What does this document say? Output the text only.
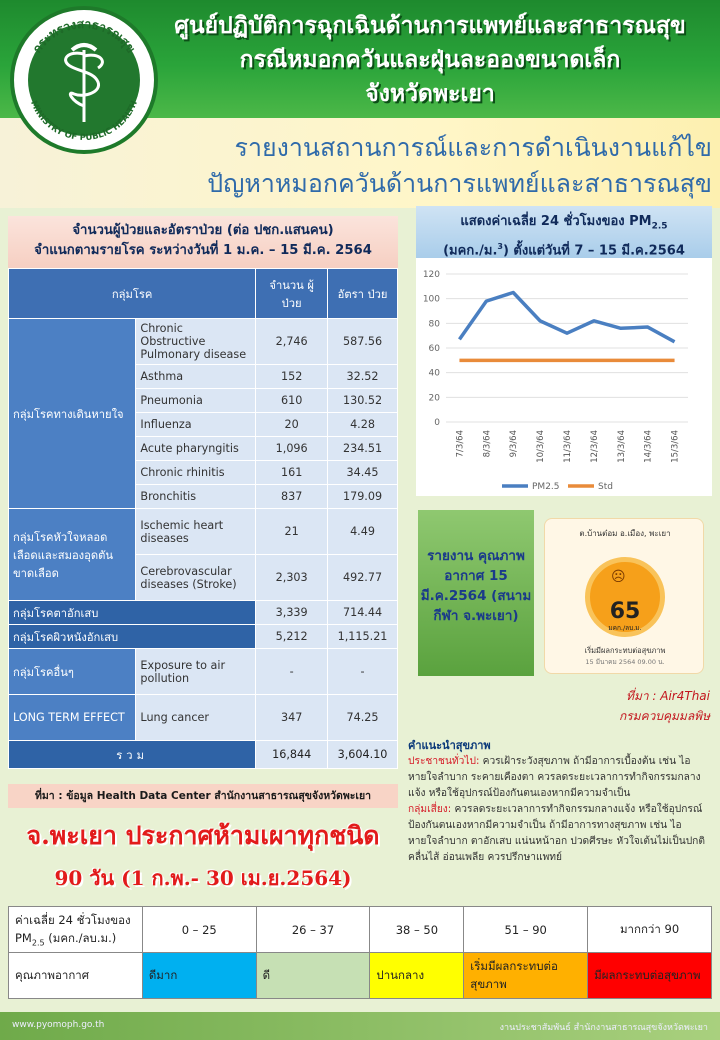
กระทรวงสาธารณสุข
MINISTRY OF PUBLIC HEALTH
ศูนย์ปฏิบัติการฉุกเฉินด้านการแพทย์และสาธารณสุข
กรณีหมอกควันและฝุ่นละอองขนาดเล็ก
จังหวัดพะเยา
รายงานสถานการณ์และการดำเนินงานแก้ไข
ปัญหาหมอกควันด้านการแพทย์และสาธารณสุข
จำนวนผู้ป่วยและอัตราป่วย (ต่อ ปชก.แสนคน)
จำแนกตามรายโรค ระหว่างวันที่ 1 ม.ค. – 15 มี.ค. 2564
กลุ่มโรค		จำนวน ผู้ป่วย	อัตรา ป่วย
กลุ่มโรคทางเดินหายใจ	Chronic Obstructive Pulmonary disease	2,746	587.56
	Asthma	152	32.52
	Pneumonia	610	130.52
	Influenza	20	4.28
	Acute pharyngitis	1,096	234.51
	Chronic rhinitis	161	34.45
	Bronchitis	837	179.09
กลุ่มโรคหัวใจหลอดเลือดและสมองอุดตันขาดเลือด	Ischemic heart diseases	21	4.49
	Cerebrovascular diseases (Stroke)	2,303	492.77
กลุ่มโรคตาอักเสบ		3,339	714.44
กลุ่มโรคผิวหนังอักเสบ		5,212	1,115.21
กลุ่มโรคอื่นๆ	Exposure to air pollution	-	-
LONG TERM EFFECT	Lung cancer	347	74.25
รวม		16,844	3,604.10
ที่มา : ข้อมูล Health Data Center สำนักงานสาธารณสุขจังหวัดพะเยา
จ.พะเยา ประกาศห้ามเผาทุกชนิด
90 วัน (1 ก.พ.- 30 เม.ย.2564)
แสดงค่าเฉลี่ย 24 ชั่วโมงของ $PM_{2.5}$
(มคก./ม.$^3$) ตั้งแต่วันที่ 7 – 15 มี.ค.2564
0
20
40
60
80
100
120
7/3/64 8/3/64 9/3/64 10/3/64 11/3/64 12/3/64 13/3/64 14/3/64 15/3/64
PM2.5	Std
รายงาน คุณภาพอากาศ 15 มี.ค.2564 (สนามกีฬา จ.พะเยา)
ต.บ้านต๋อม อ.เมือง, พะเยา
☹
65
มคก./ลบ.ม.
เริ่มมีผลกระทบต่อสุขภาพ
15 มีนาคม 2564 09.00 น.
ที่มา : Air4Thai
กรมควบคุมมลพิษ
คำแนะนำสุขภาพ
ประชาชนทั่วไป: ควรเฝ้าระวังสุขภาพ ถ้ามีอาการเบื้องต้น เช่น ไอ หายใจลำบาก ระคายเคืองตา ควรลดระยะเวลาการทำกิจกรรมกลางแจ้ง หรือใช้อุปกรณ์ป้องกันตนเองหากมีความจำเป็น
กลุ่มเสี่ยง: ควรลดระยะเวลาการทำกิจกรรมกลางแจ้ง หรือใช้อุปกรณ์ป้องกันตนเองหากมีความจำเป็น ถ้ามีอาการทางสุขภาพ เช่น ไอ หายใจลำบาก ตาอักเสบ แน่นหน้าอก ปวดศีรษะ หัวใจเต้นไม่เป็นปกติ คลื่นไส้ อ่อนเพลีย ควรปรึกษาแพทย์
ค่าเฉลี่ย 24 ชั่วโมงของ
$PM_{2.5}$ (มคก./ลบ.ม.)	0 – 25	26 – 37	38 – 50	51 – 90	มากกว่า 90
คุณภาพอากาศ	ดีมาก	ดี	ปานกลาง	เริ่มมีผลกระทบต่อสุขภาพ	มีผลกระทบต่อสุขภาพ
www.pyomoph.go.th	งานประชาสัมพันธ์ สำนักงานสาธารณสุขจังหวัดพะเยา
